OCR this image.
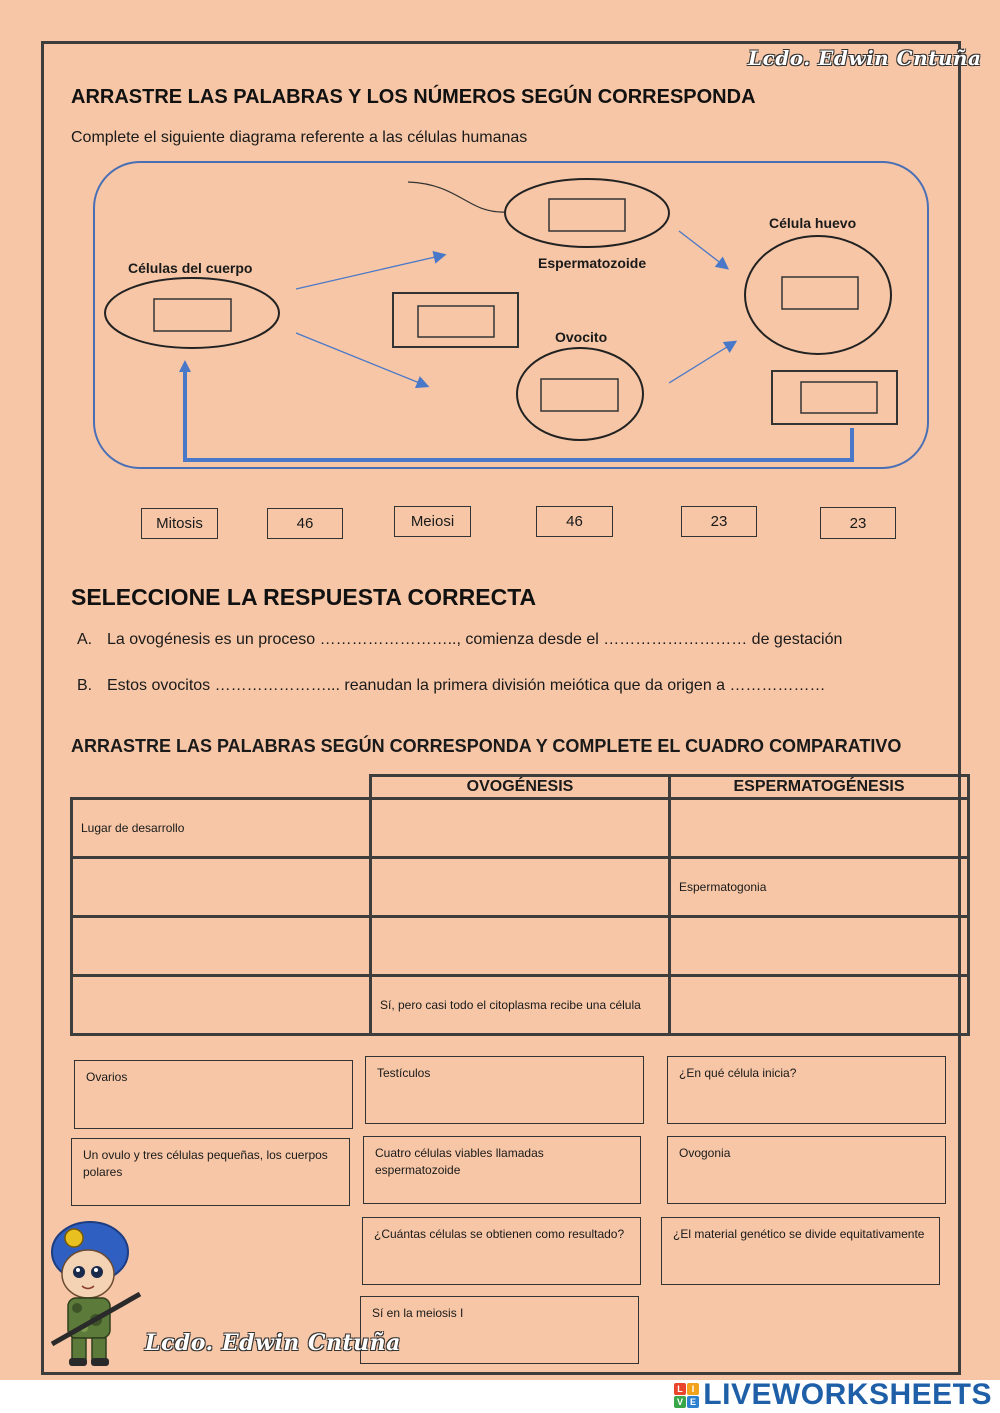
Lcdo. Edwin Cntuña
ARRASTRE LAS PALABRAS Y LOS NÚMEROS SEGÚN CORRESPONDA
Complete el siguiente diagrama referente a las células humanas
Células del cuerpo	Espermatozoide
Ovocito
Célula huevo
Mitosis	46	Meiosi	46	23	23
SELECCIONE LA RESPUESTA CORRECTA
A. La ovogénesis es un proceso …………………….., comienza desde el ……………………… de gestación
B. Estos ovocitos …………………... reanudan la primera división meiótica que da origen a ………………
ARRASTRE LAS PALABRAS SEGÚN CORRESPONDA Y COMPLETE EL CUADRO COMPARATIVO
	OVOGÉNESIS	ESPERMATOGÉNESIS
Lugar de desarrollo		
		Espermatogonia

	Sí, pero casi todo el citoplasma recibe una célula	
Ovarios	Testículos	¿En qué célula inicia?
Un ovulo y tres células pequeñas, los cuerpos polares
Cuatro células viables llamadas espermatozoide
Ovogonia
¿Cuántas células se obtienen como resultado?	¿El material genético se divide equitativamente
Sí en la meiosis I
Lcdo. Edwin Cntuña
L I
V E LIVEWORKSHEETS
